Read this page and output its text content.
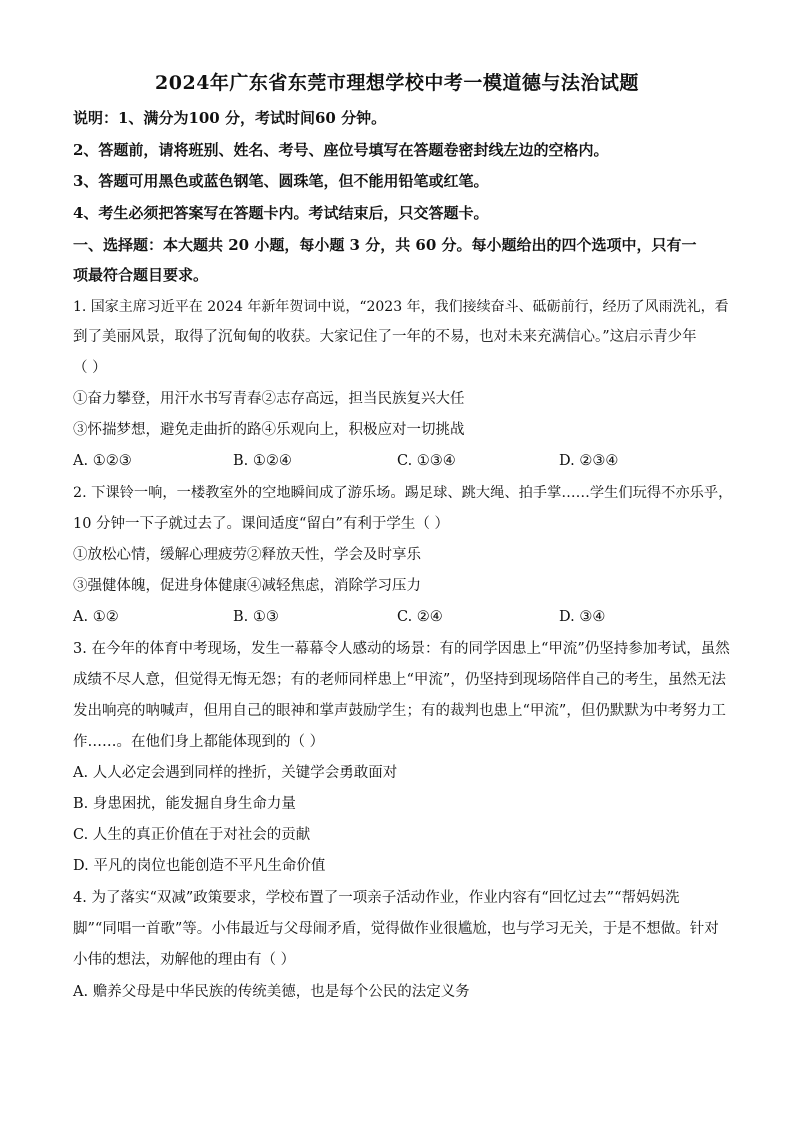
2024年广东省东莞市理想学校中考一模道德与法治试题
说明：1、满分为100 分，考试时间60 分钟。
2、答题前，请将班别、姓名、考号、座位号填写在答题卷密封线左边的空格内。
3、答题可用黑色或蓝色钢笔、圆珠笔，但不能用铅笔或红笔。
4、考生必须把答案写在答题卡内。考试结束后，只交答题卡。
一、选择题：本大题共 20 小题，每小题 3 分，共 60 分。每小题给出的四个选项中，只有一
项最符合题目要求。
1. 国家主席习近平在 2024 年新年贺词中说，“2023 年，我们接续奋斗、砥砺前行，经历了风雨洗礼，看
到了美丽风景，取得了沉甸甸的收获。大家记住了一年的不易，也对未来充满信心。”这启示青少年
（ ）
①奋力攀登，用汗水书写青春②志存高远，担当民族复兴大任
③怀揣梦想，避免走曲折的路④乐观向上，积极应对一切挑战
A. ①②③	B. ①②④	C. ①③④	D. ②③④
2. 下课铃一响，一楼教室外的空地瞬间成了游乐场。踢足球、跳大绳、拍手掌……学生们玩得不亦乐乎，
10 分钟一下子就过去了。课间适度“留白”有利于学生（ ）
①放松心情，缓解心理疲劳②释放天性，学会及时享乐
③强健体魄，促进身体健康④减轻焦虑，消除学习压力
A. ①②	B. ①③	C. ②④	D. ③④
3. 在今年的体育中考现场，发生一幕幕令人感动的场景：有的同学因患上“甲流”仍坚持参加考试，虽然
成绩不尽人意，但觉得无悔无怨；有的老师同样患上“甲流”，仍坚持到现场陪伴自己的考生，虽然无法
发出响亮的呐喊声，但用自己的眼神和掌声鼓励学生；有的裁判也患上“甲流”，但仍默默为中考努力工
作……。在他们身上都能体现到的（ ）
A. 人人必定会遇到同样的挫折，关键学会勇敢面对
B. 身患困扰，能发掘自身生命力量
C. 人生的真正价值在于对社会的贡献
D. 平凡的岗位也能创造不平凡生命价值
4. 为了落实“双减”政策要求，学校布置了一项亲子活动作业，作业内容有“回忆过去”“帮妈妈洗
脚”“同唱一首歌”等。小伟最近与父母闹矛盾，觉得做作业很尴尬，也与学习无关，于是不想做。针对
小伟的想法，劝解他的理由有（ ）
A. 赡养父母是中华民族的传统美德，也是每个公民的法定义务
